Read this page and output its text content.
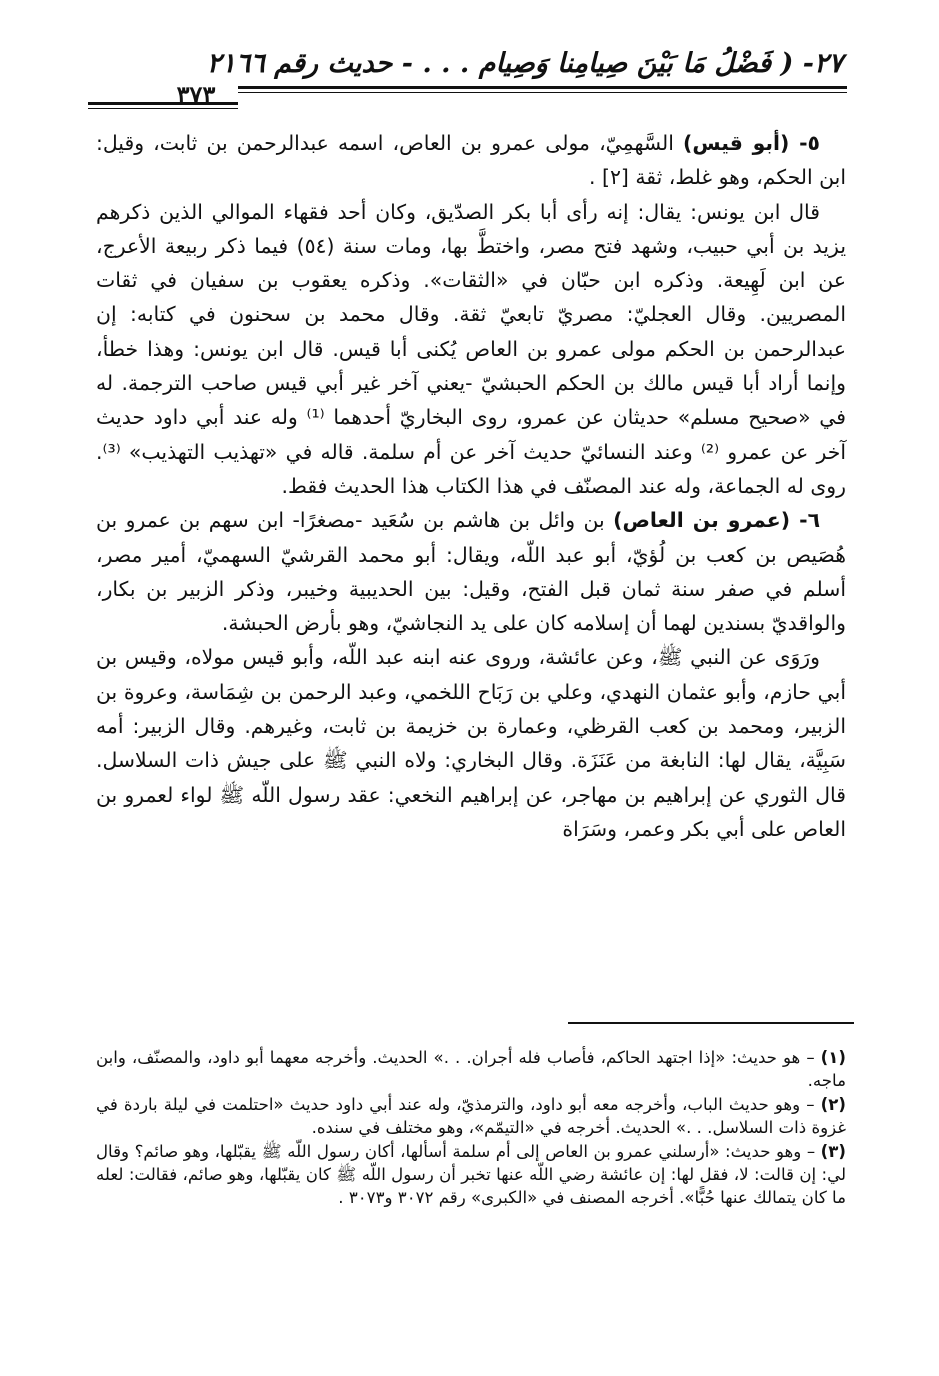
٢٧- ( فَضْلُ مَا بَيْنَ صِيامِنا وَصِيام . . . - حديث رقم ٢١٦٦
٣٧٣

٥- (أبو قيس) السَّهمِيّ، مولى عمرو بن العاص، اسمه عبدالرحمن بن ثابت، وقيل: ابن الحكم، وهو غلط، ثقة [٢] .

قال ابن يونس: يقال: إنه رأى أبا بكر الصدّيق، وكان أحد فقهاء الموالي الذين ذكرهم يزيد بن أبي حبيب، وشهد فتح مصر، واختطَّ بها، ومات سنة (٥٤) فيما ذكر ربيعة الأعرج، عن ابن لَهِيعة. وذكره ابن حبّان في «الثقات». وذكره يعقوب بن سفيان في ثقات المصريين. وقال العجليّ: مصريّ تابعيّ ثقة. وقال محمد بن سحنون في كتابه: إن عبدالرحمن بن الحكم مولى عمرو بن العاص يُكنى أبا قيس. قال ابن يونس: وهذا خطأ، وإنما أراد أبا قيس مالك بن الحكم الحبشيّ -يعني آخر غير أبي قيس صاحب الترجمة. له في «صحيح مسلم» حديثان عن عمرو، روى البخاريّ أحدهما ⁽¹⁾ وله عند أبي داود حديث آخر عن عمرو ⁽²⁾ وعند النسائيّ حديث آخر عن أم سلمة. قاله في «تهذيب التهذيب» ⁽³⁾. روى له الجماعة، وله عند المصنّف في هذا الكتاب هذا الحديث فقط.

٦- (عمرو بن العاص) بن وائل بن هاشم بن سُعَيد -مصغرًا- ابن سهم بن عمرو بن هُصَيص بن كعب بن لُؤيّ، أبو عبد اللّه، ويقال: أبو محمد القرشيّ السهميّ، أمير مصر، أسلم في صفر سنة ثمان قبل الفتح، وقيل: بين الحديبية وخيبر، وذكر الزبير بن بكار، والواقديّ بسندين لهما أن إسلامه كان على يد النجاشيّ، وهو بأرض الحبشة.

ورَوَى عن النبي ﷺ، وعن عائشة، وروى عنه ابنه عبد اللّه، وأبو قيس مولاه، وقيس بن أبي حازم، وأبو عثمان النهدي، وعلي بن رَبَاح اللخمي، وعبد الرحمن بن شِمَاسة، وعروة بن الزبير، ومحمد بن كعب القرظي، وعمارة بن خزيمة بن ثابت، وغيرهم. وقال الزبير: أمه سَبِيَّة، يقال لها: النابغة من عَنَزَة. وقال البخاري: ولاه النبي ﷺ على جيش ذات السلاسل. قال الثوري عن إبراهيم بن مهاجر، عن إبراهيم النخعي: عقد رسول اللّه ﷺ لواء لعمرو بن العاص على أبي بكر وعمر، وسَرَاة

(١) – هو حديث: «إذا اجتهد الحاكم، فأصاب فله أجران. . .» الحديث. وأخرجه معهما أبو داود، والمصنّف، وابن ماجه.

(٢) – وهو حديث الباب، وأخرجه معه أبو داود، والترمذيّ، وله عند أبي داود حديث «احتلمت في ليلة باردة في غزوة ذات السلاسل. . .» الحديث. أخرجه في «التيمّم»، وهو مختلف في سنده.

(٣) – وهو حديث: «أرسلني عمرو بن العاص إلى أم سلمة أسألها، أكان رسول اللّه ﷺ يقبّلها، وهو صائم؟ وقال لي: إن قالت: لا، فقل لها: إن عائشة رضي اللّه عنها تخبر أن رسول اللّه ﷺ كان يقبّلها، وهو صائم، فقالت: لعله ما كان يتمالك عنها حُبًّا». أخرجه المصنف في «الكبرى» رقم ٣٠٧٢ و٣٠٧٣ .
